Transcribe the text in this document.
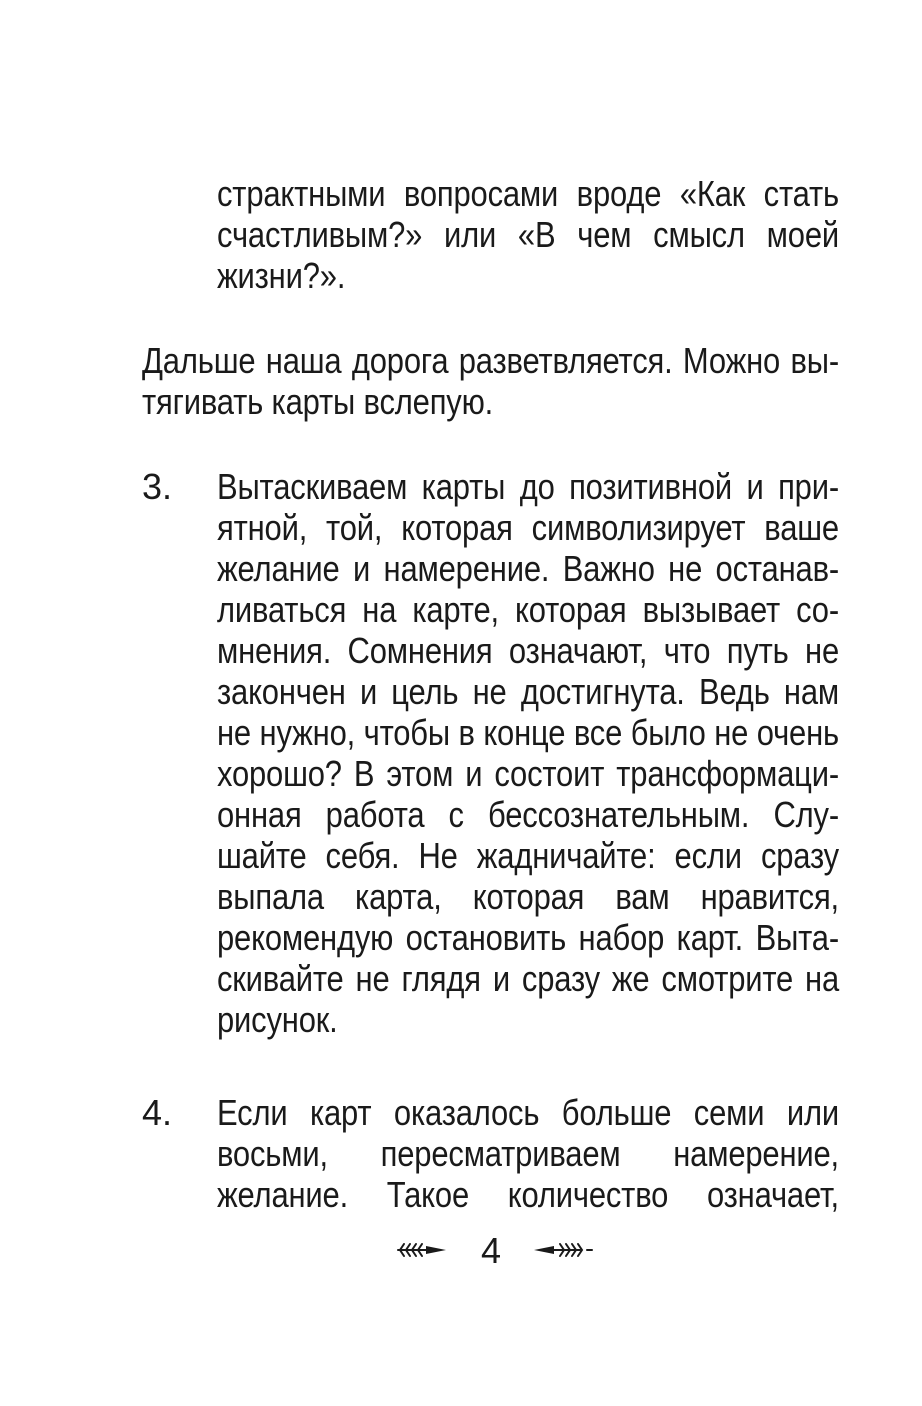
страктными вопросами вроде «Как стать
счастливым?» или «В чем смысл моей
жизни?».
Дальше наша дорога разветвляется. Можно вы-
тягивать карты вслепую.
3. Вытаскиваем карты до позитивной и при-
ятной, той, которая символизирует ваше
желание и намерение. Важно не останав-
ливаться на карте, которая вызывает со-
мнения. Сомнения означают, что путь не
закончен и цель не достигнута. Ведь нам
не нужно, чтобы в конце все было не очень
хорошо? В этом и состоит трансформаци-
онная работа с бессознательным. Слу-
шайте себя. Не жадничайте: если сразу
выпала карта, которая вам нравится,
рекомендую остановить набор карт. Выта-
скивайте не глядя и сразу же смотрите на
рисунок.
4. Если карт оказалось больше семи или
восьми, пересматриваем намерение,
желание. Такое количество означает,
4
